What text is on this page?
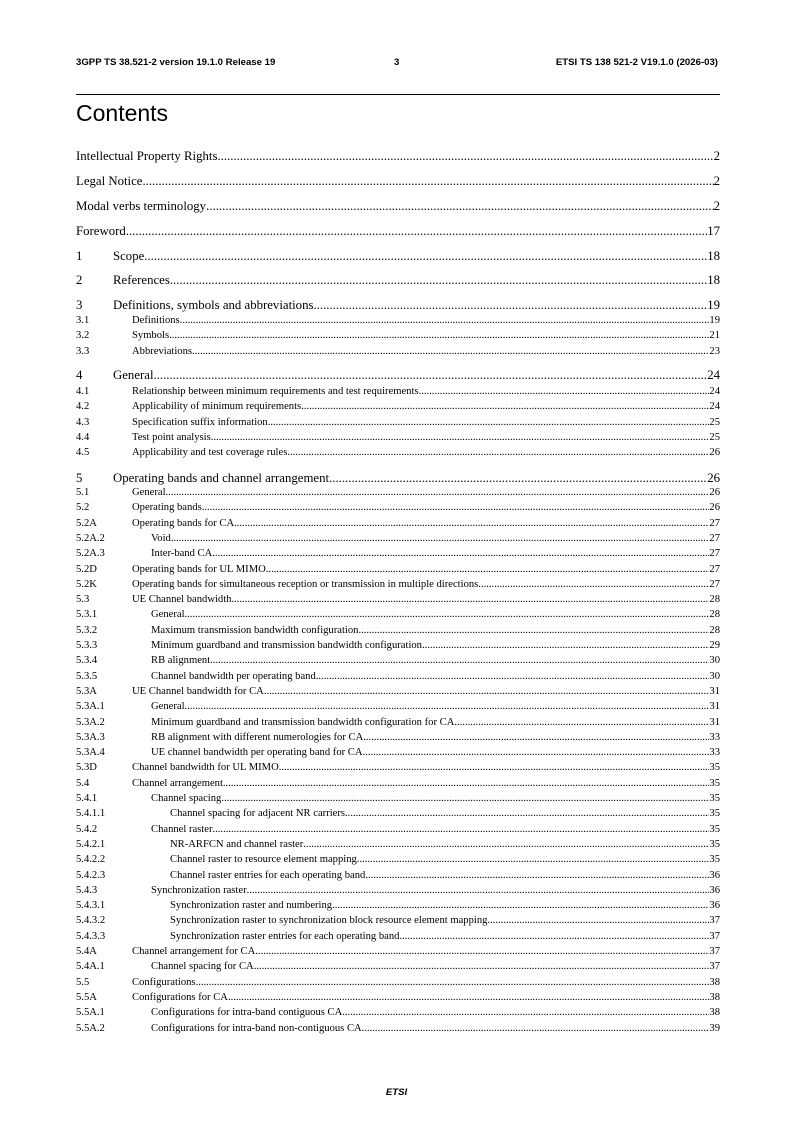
3GPP TS 38.521-2 version 19.1.0 Release 19	3	ETSI TS 138 521-2 V19.1.0 (2026-03)
Contents
Intellectual Property Rights .....	2
Legal Notice .....	2
Modal verbs terminology .....	2
Foreword .....	17
1	Scope .....	18
2	References .....	18
3	Definitions, symbols and abbreviations .....	19
3.1	Definitions .....	19
3.2	Symbols .....	21
3.3	Abbreviations .....	23
4	General .....	24
4.1	Relationship between minimum requirements and test requirements .....	24
4.2	Applicability of minimum requirements .....	24
4.3	Specification suffix information .....	25
4.4	Test point analysis .....	25
4.5	Applicability and test coverage rules .....	26
5	Operating bands and channel arrangement .....	26
5.1	General .....	26
5.2	Operating bands .....	26
5.2A	Operating bands for CA .....	27
5.2A.2	Void .....	27
5.2A.3	Inter-band CA .....	27
5.2D	Operating bands for UL MIMO .....	27
5.2K	Operating bands for simultaneous reception or transmission in multiple directions .....	27
5.3	UE Channel bandwidth .....	28
5.3.1	General .....	28
5.3.2	Maximum transmission bandwidth configuration .....	28
5.3.3	Minimum guardband and transmission bandwidth configuration .....	29
5.3.4	RB alignment .....	30
5.3.5	Channel bandwidth per operating band .....	30
5.3A	UE Channel bandwidth for CA .....	31
5.3A.1	General .....	31
5.3A.2	Minimum guardband and transmission bandwidth configuration for CA .....	31
5.3A.3	RB alignment with different numerologies for CA .....	33
5.3A.4	UE channel bandwidth per operating band for CA .....	33
5.3D	Channel bandwidth for UL MIMO .....	35
5.4	Channel arrangement .....	35
5.4.1	Channel spacing .....	35
5.4.1.1	Channel spacing for adjacent NR carriers .....	35
5.4.2	Channel raster .....	35
5.4.2.1	NR-ARFCN and channel raster .....	35
5.4.2.2	Channel raster to resource element mapping .....	35
5.4.2.3	Channel raster entries for each operating band .....	36
5.4.3	Synchronization raster .....	36
5.4.3.1	Synchronization raster and numbering .....	36
5.4.3.2	Synchronization raster to synchronization block resource element mapping .....	37
5.4.3.3	Synchronization raster entries for each operating band .....	37
5.4A	Channel arrangement for CA .....	37
5.4A.1	Channel spacing for CA .....	37
5.5	Configurations .....	38
5.5A	Configurations for CA .....	38
5.5A.1	Configurations for intra-band contiguous CA .....	38
5.5A.2	Configurations for intra-band non-contiguous CA .....	39
ETSI
